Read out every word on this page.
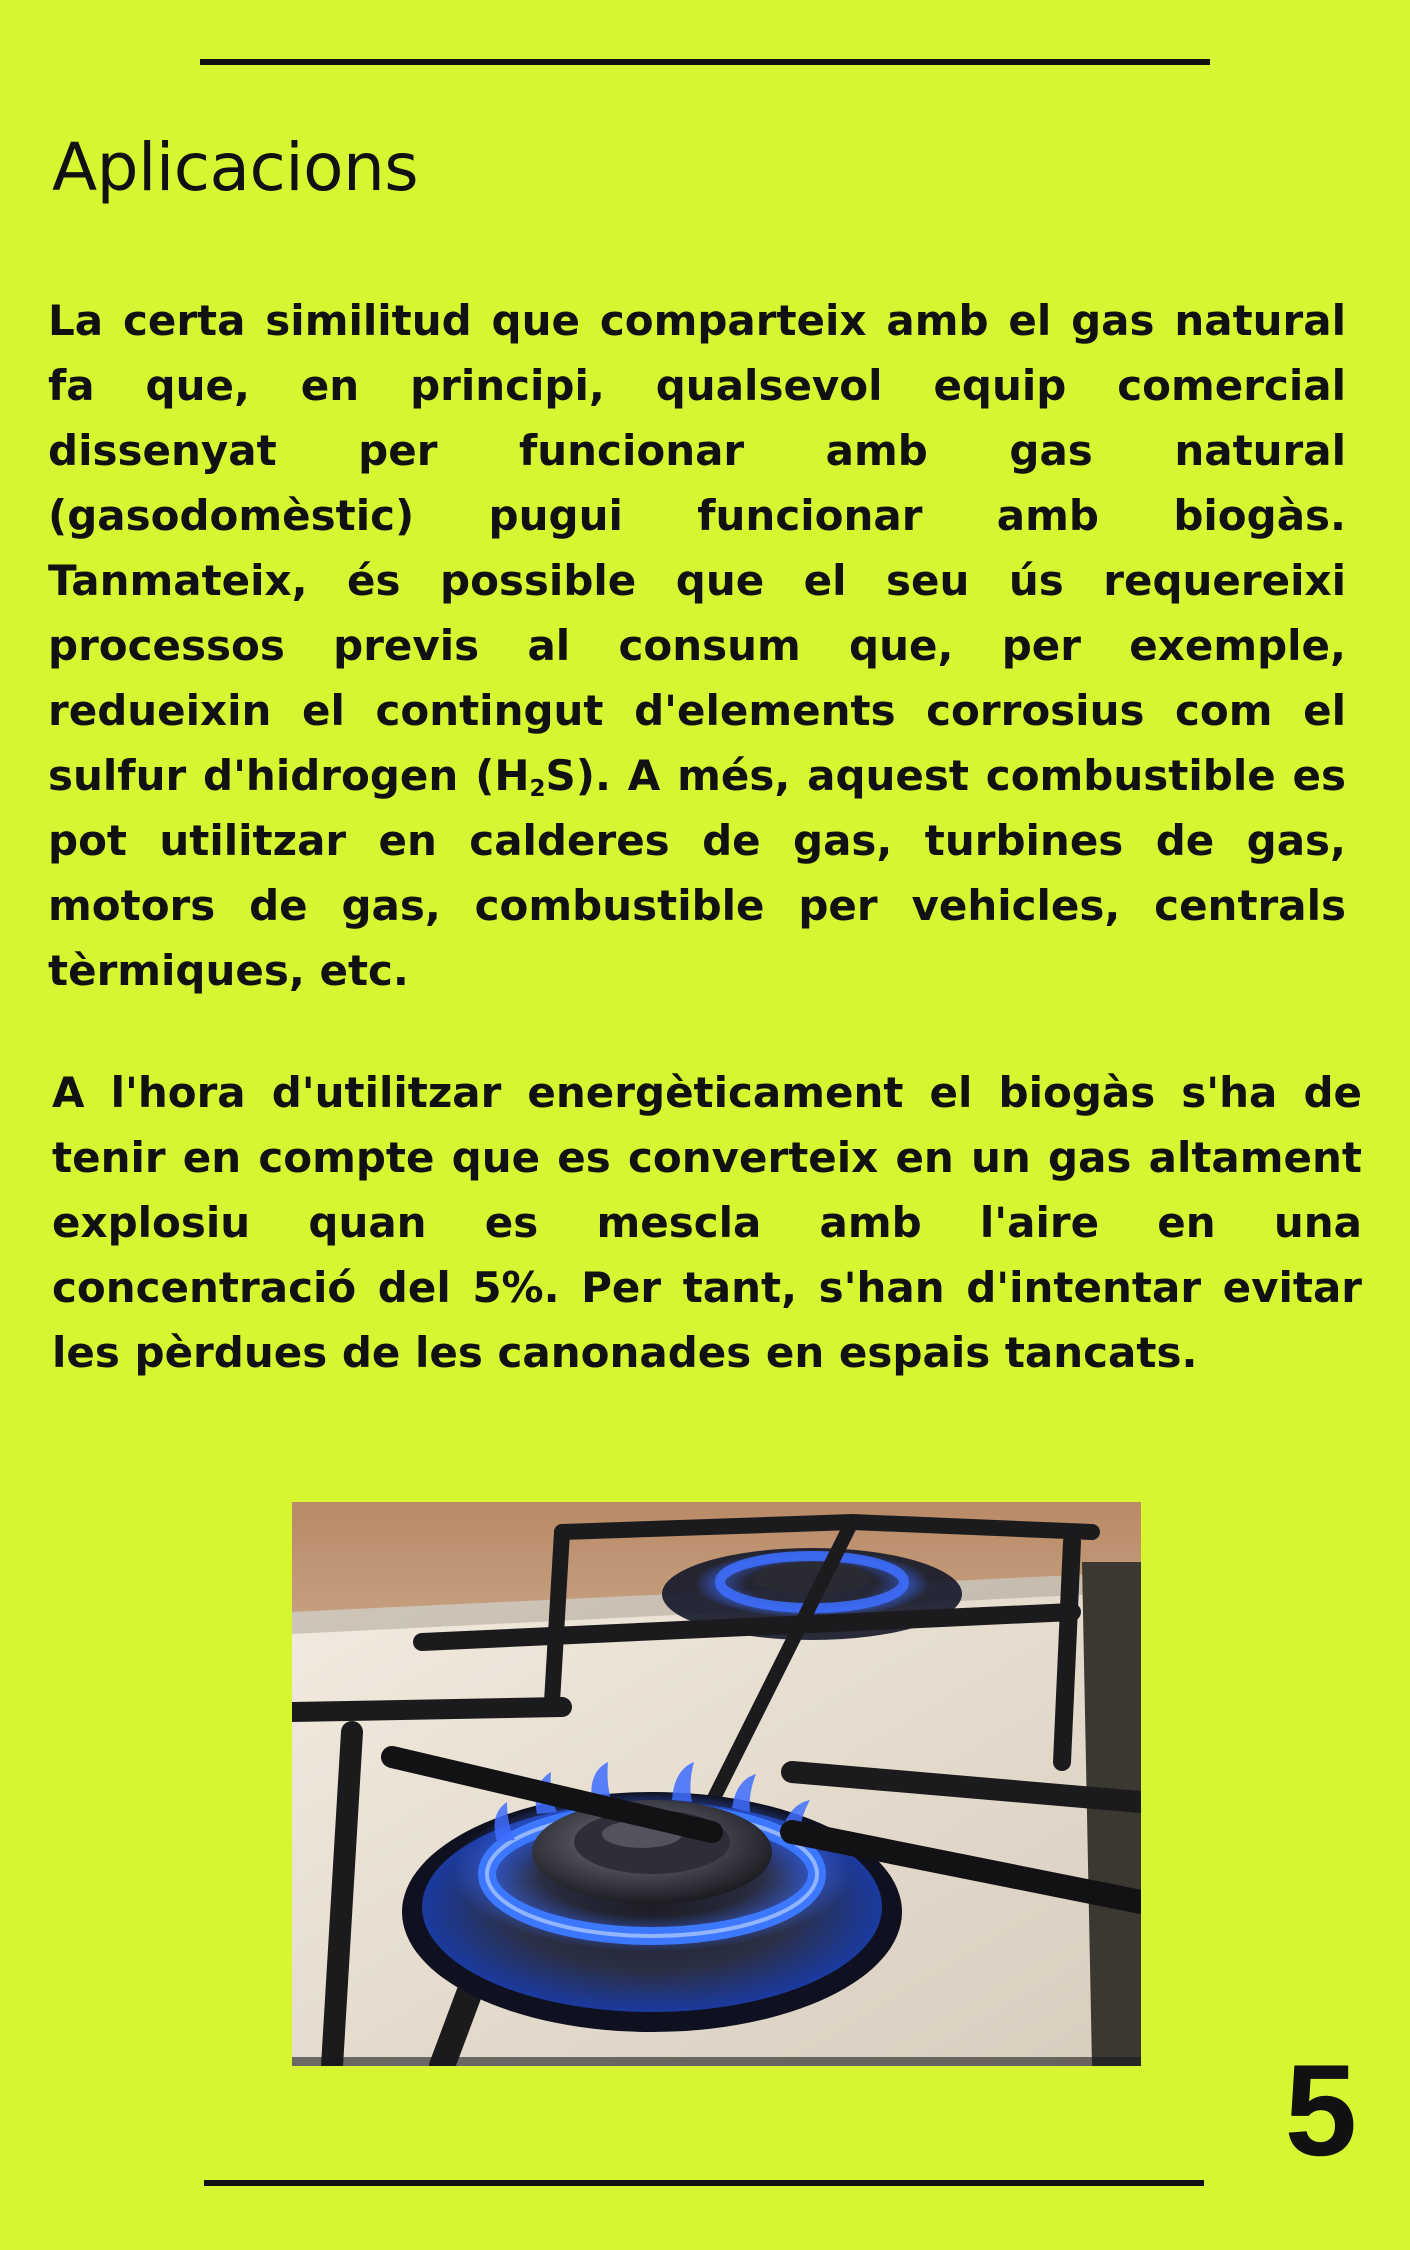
Aplicacions

La certa similitud que comparteix amb el gas natural fa que, en principi, qualsevol equip comercial dissenyat per funcionar amb gas natural (gasodomèstic) pugui funcionar amb biogàs. Tanmateix, és possible que el seu ús requereixi processos previs al consum que, per exemple, redueixin el contingut d'elements corrosius com el sulfur d'hidrogen $(H_2S)$. A més, aquest combustible es pot utilitzar en calderes de gas, turbines de gas, motors de gas, combustible per vehicles, centrals tèrmiques, etc.

A l'hora d'utilitzar energèticament el biogàs s'ha de tenir en compte que es converteix en un gas altament explosiu quan es mescla amb l'aire en una concentració del 5%. Per tant, s'han d'intentar evitar les pèrdues de les canonades en espais tancats.

5
